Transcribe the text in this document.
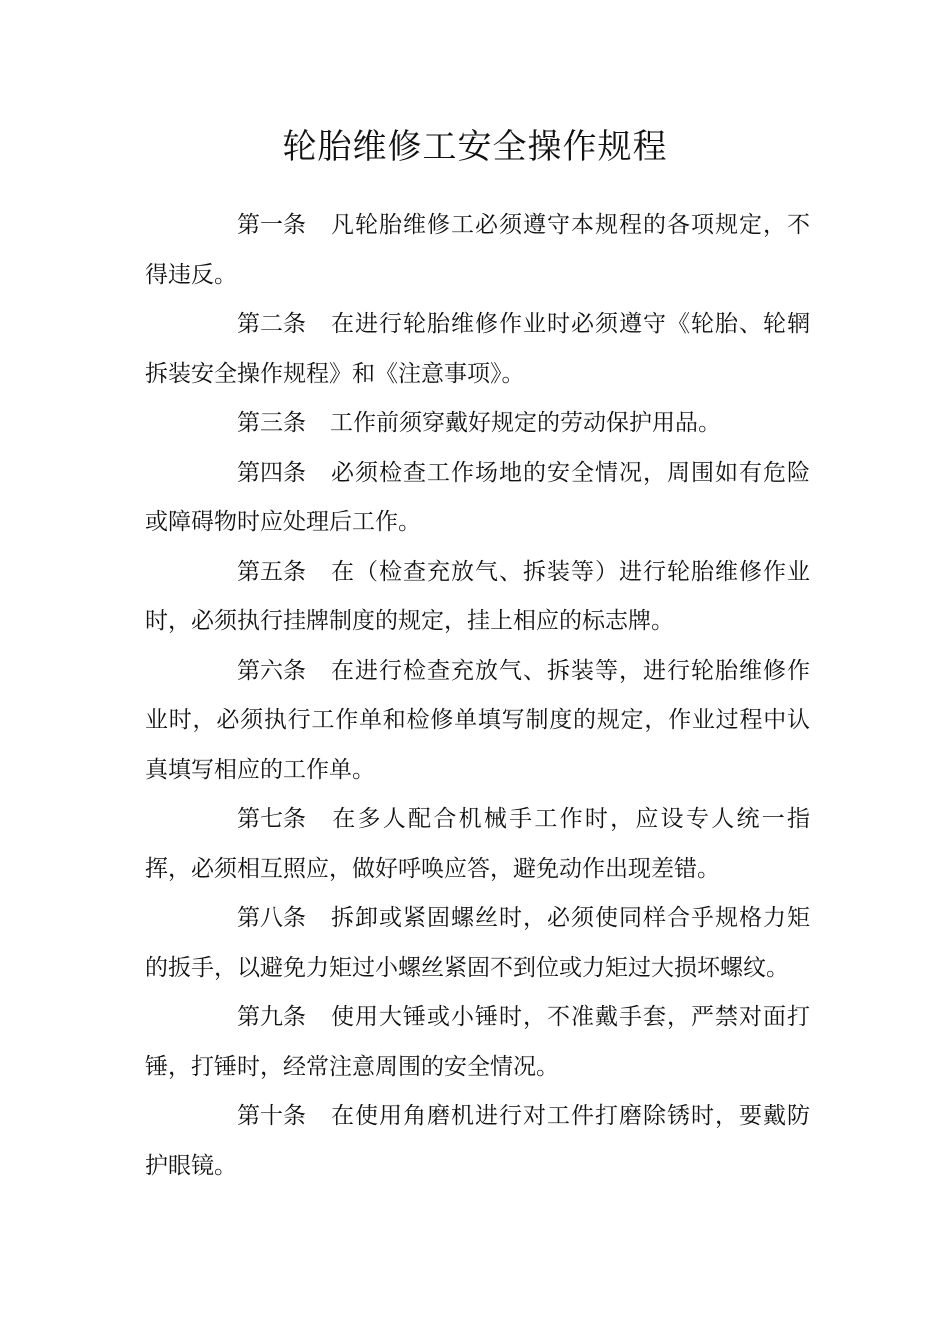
轮胎维修工安全操作规程

第一条 凡轮胎维修工必须遵守本规程的各项规定，不得违反。

第二条 在进行轮胎维修作业时必须遵守《轮胎、轮辋拆装安全操作规程》和《注意事项》。

第三条 工作前须穿戴好规定的劳动保护用品。

第四条 必须检查工作场地的安全情况，周围如有危险或障碍物时应处理后工作。

第五条 在（检查充放气、拆装等）进行轮胎维修作业时，必须执行挂牌制度的规定，挂上相应的标志牌。

第六条 在进行检查充放气、拆装等，进行轮胎维修作业时，必须执行工作单和检修单填写制度的规定，作业过程中认真填写相应的工作单。

第七条 在多人配合机械手工作时，应设专人统一指挥，必须相互照应，做好呼唤应答，避免动作出现差错。

第八条 拆卸或紧固螺丝时，必须使同样合乎规格力矩的扳手，以避免力矩过小螺丝紧固不到位或力矩过大损坏螺纹。

第九条 使用大锤或小锤时，不准戴手套，严禁对面打锤，打锤时，经常注意周围的安全情况。

第十条 在使用角磨机进行对工件打磨除锈时，要戴防护眼镜。
